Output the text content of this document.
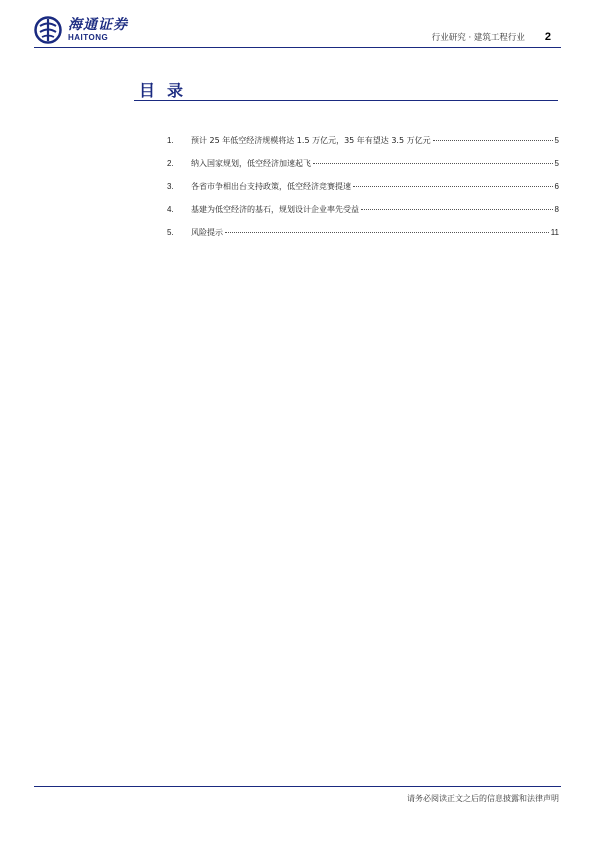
海通证券
HAITONG	行业研究 · 建筑工程行业 2
目录
1.	预计 25 年低空经济规模将达 1.5 万亿元，35 年有望达 3.5 万亿元	5
2.	纳入国家规划，低空经济加速起飞	5
3.	各省市争相出台支持政策，低空经济竞赛提速	6
4.	基建为低空经济的基石，规划设计企业率先受益	8
5.	风险提示	11
请务必阅读正文之后的信息披露和法律声明
